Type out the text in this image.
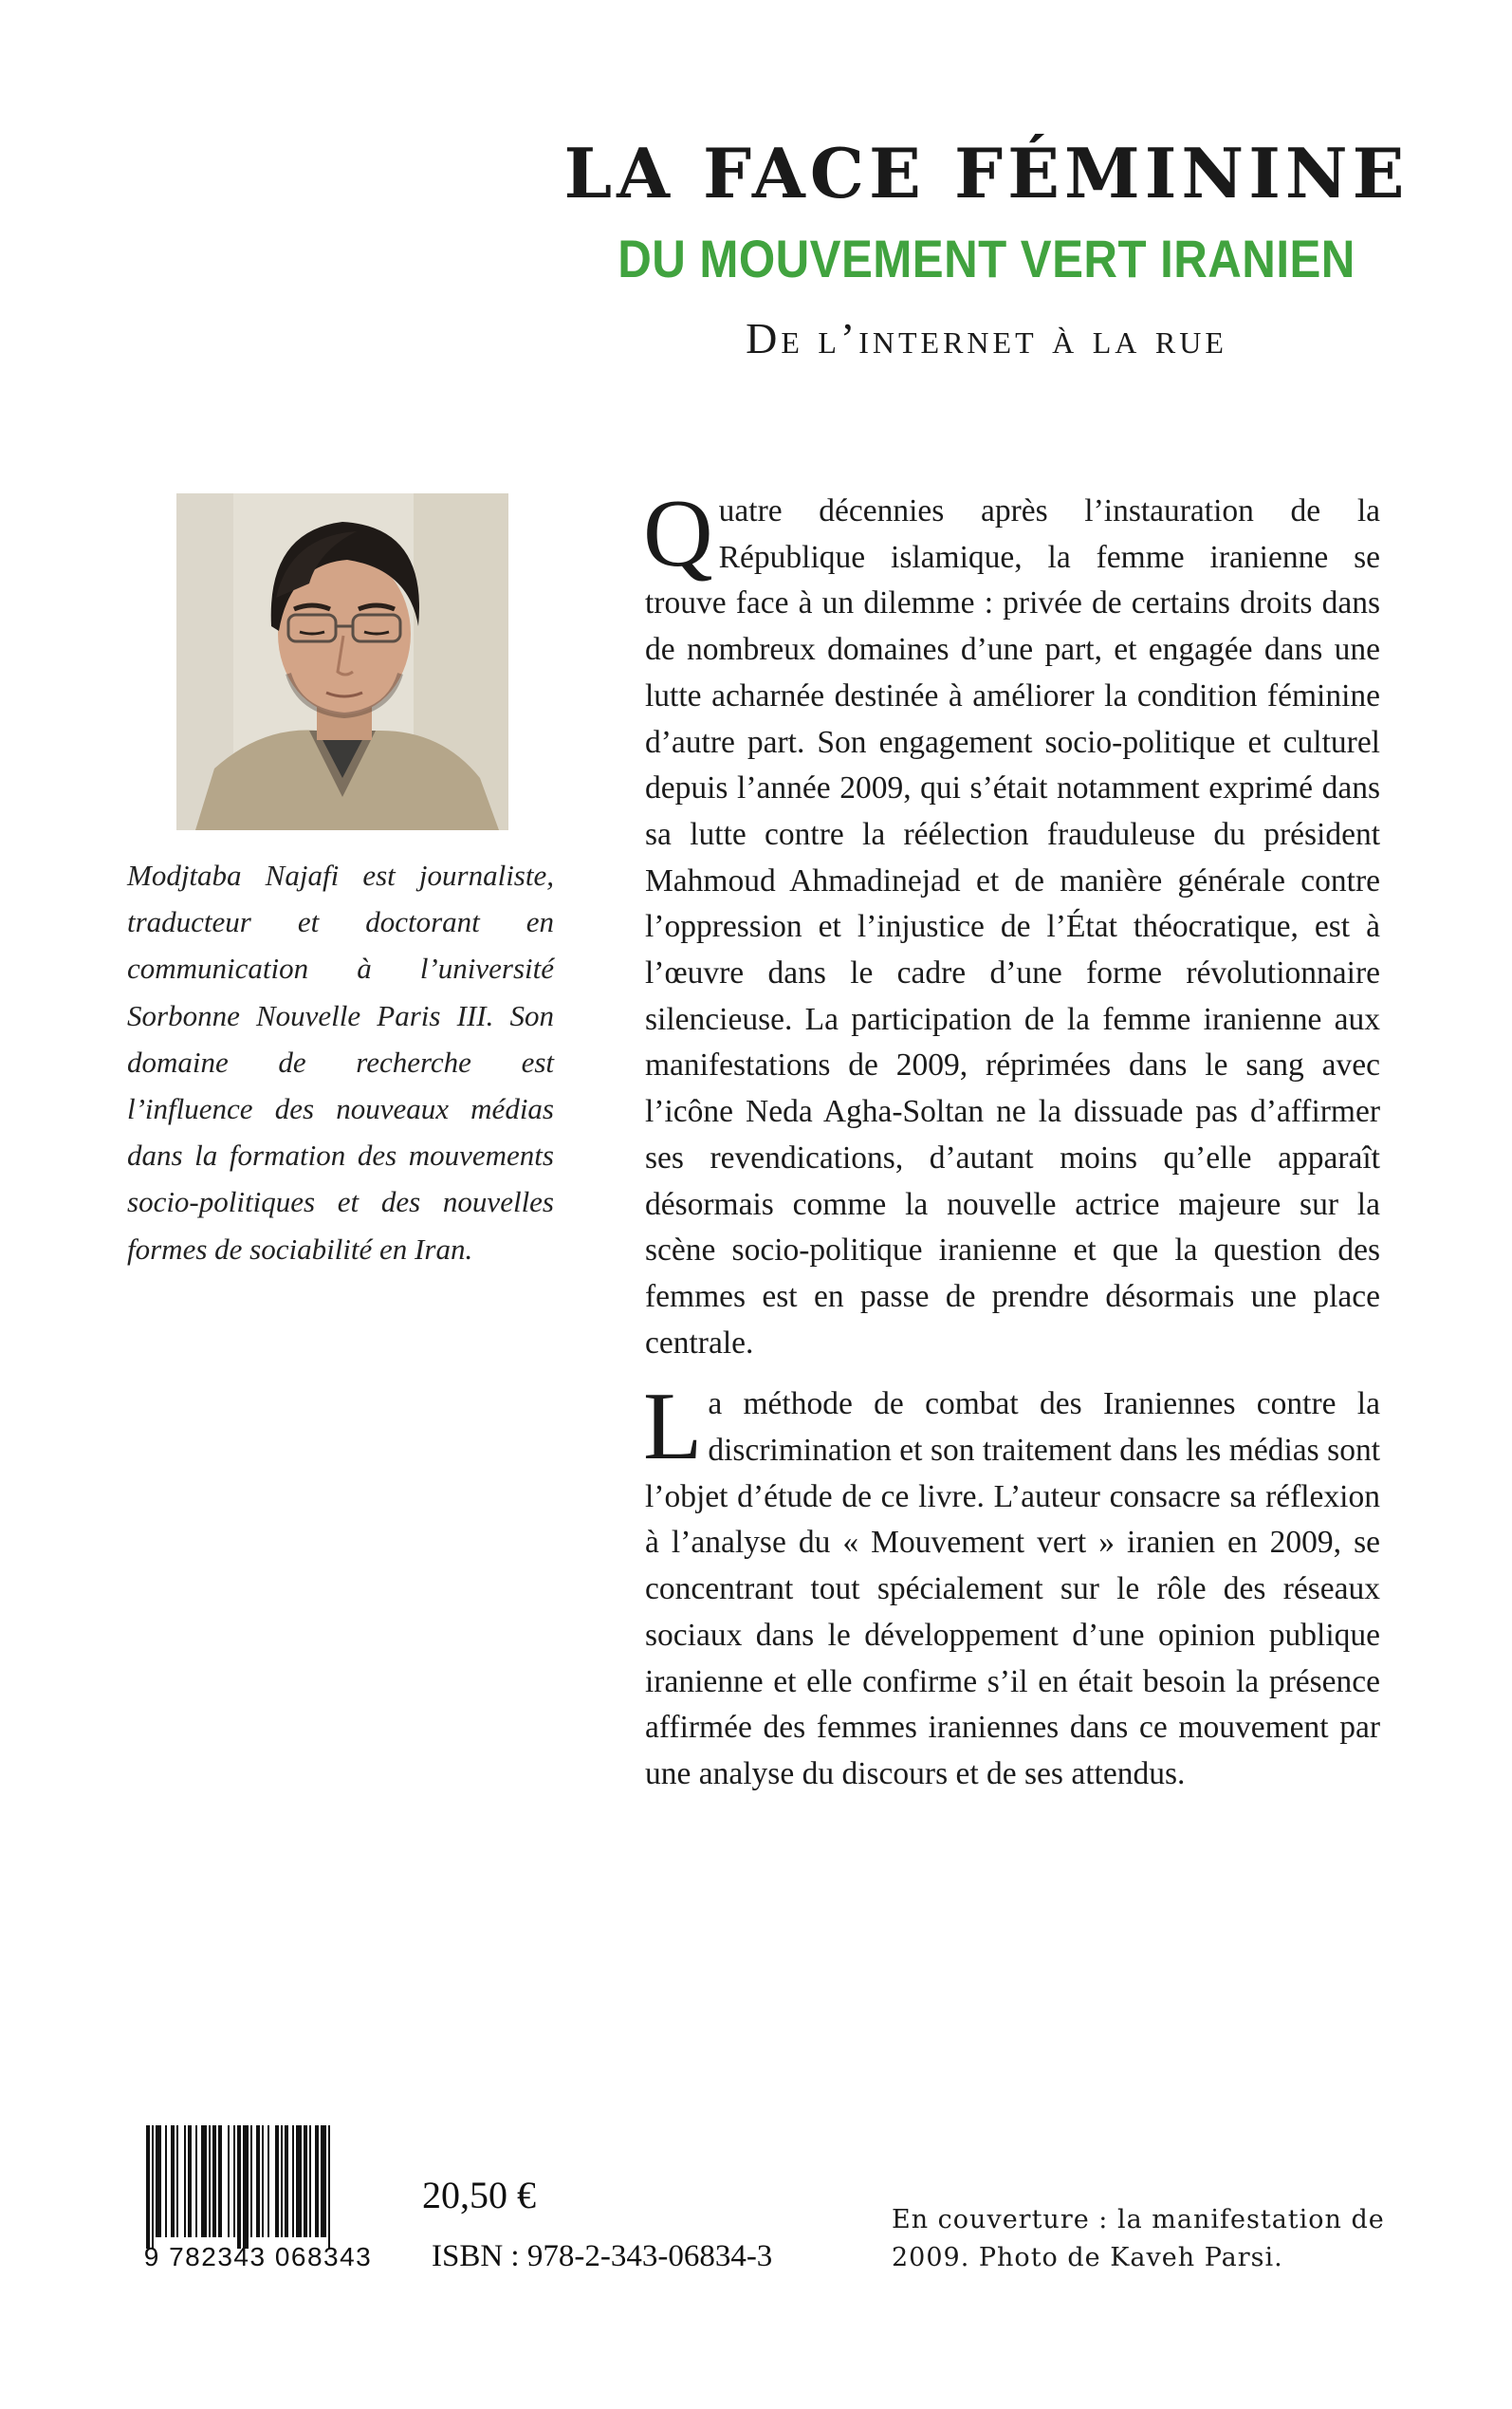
LA FACE FÉMININE
DU MOUVEMENT VERT IRANIEN
De l’internet à la rue

Modjtaba Najafi est journaliste, traducteur et doctorant en communication à l’université Sorbonne Nouvelle Paris III. Son domaine de recherche est l’influence des nouveaux médias dans la formation des mouvements socio-politiques et des nouvelles formes de sociabilité en Iran.

Quatre décennies après l’instauration de la République islamique, la femme iranienne se trouve face à un dilemme : privée de certains droits dans de nombreux domaines d’une part, et engagée dans une lutte acharnée destinée à améliorer la condition féminine d’autre part. Son engagement socio-politique et culturel depuis l’année 2009, qui s’était notamment exprimé dans sa lutte contre la réélection frauduleuse du président Mahmoud Ahmadinejad et de manière générale contre l’oppression et l’injustice de l’État théocratique, est à l’œuvre dans le cadre d’une forme révolutionnaire silencieuse. La participation de la femme iranienne aux manifestations de 2009, réprimées dans le sang avec l’icône Neda Agha-Soltan ne la dissuade pas d’affirmer ses revendications, d’autant moins qu’elle apparaît désormais comme la nouvelle actrice majeure sur la scène socio-politique iranienne et que la question des femmes est en passe de prendre désormais une place centrale.

La méthode de combat des Iraniennes contre la discrimination et son traitement dans les médias sont l’objet d’étude de ce livre. L’auteur consacre sa réflexion à l’analyse du « Mouvement vert » iranien en 2009, se concentrant tout spécialement sur le rôle des réseaux sociaux dans le développement d’une opinion publique iranienne et elle confirme s’il en était besoin la présence affirmée des femmes iraniennes dans ce mouvement par une analyse du discours et de ses attendus.

9 782343 068343
20,50 €
ISBN : 978-2-343-06834-3

En couverture : la manifestation de 2009. Photo de Kaveh Parsi.
